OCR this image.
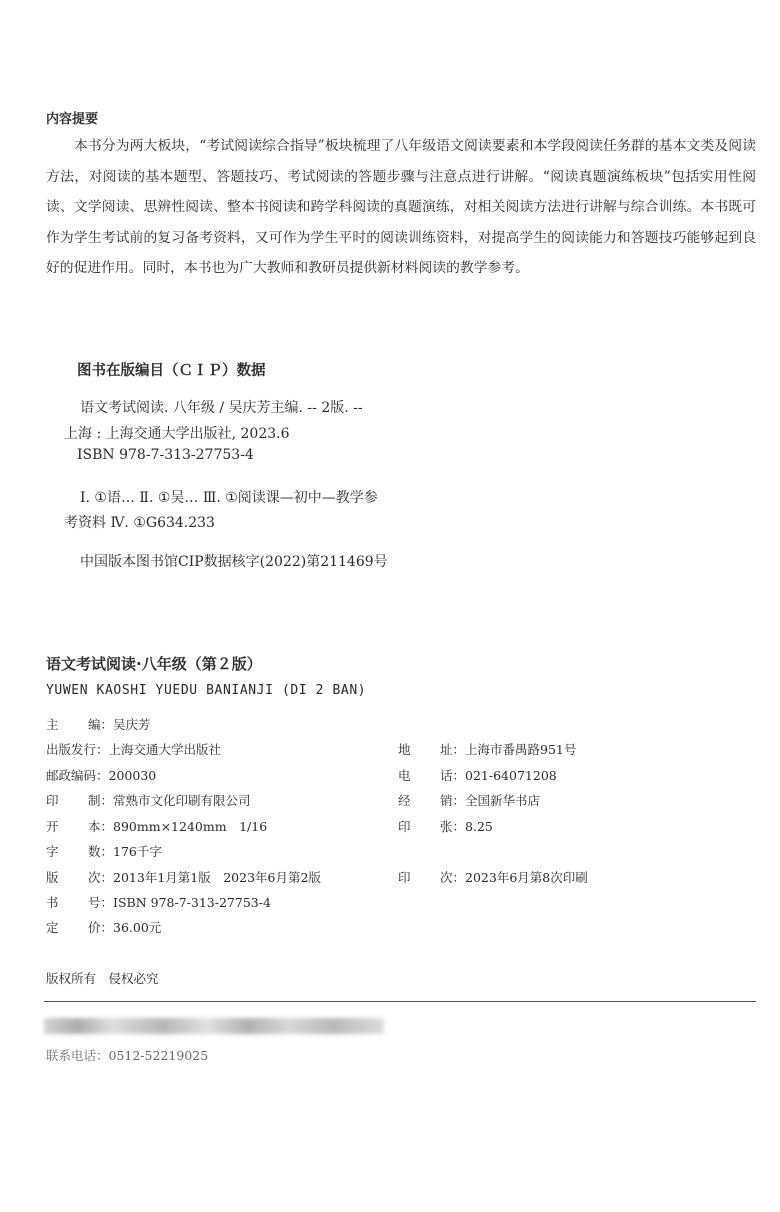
内容提要
本书分为两大板块，“考试阅读综合指导”板块梳理了八年级语文阅读要素和本学段阅读任务群的基本文类及阅读方法，对阅读的基本题型、答题技巧、考试阅读的答题步骤与注意点进行讲解。“阅读真题演练板块”包括实用性阅读、文学阅读、思辨性阅读、整本书阅读和跨学科阅读的真题演练，对相关阅读方法进行讲解与综合训练。本书既可作为学生考试前的复习备考资料，又可作为学生平时的阅读训练资料，对提高学生的阅读能力和答题技巧能够起到良好的促进作用。同时，本书也为广大教师和教研员提供新材料阅读的教学参考。
图书在版编目（ＣＩＰ）数据
语文考试阅读. 八年级 / 吴庆芳主编. -- 2版. --
上海 : 上海交通大学出版社, 2023.6
ISBN 978-7-313-27753-4
Ⅰ. ①语… Ⅱ. ①吴… Ⅲ. ①阅读课—初中—教学参
考资料 Ⅳ. ①G634.233
中国版本图书馆CIP数据核字(2022)第211469号
语文考试阅读·八年级（第２版）
YUWEN KAOSHI YUEDU BANIANJI (DI 2 BAN)
主 编：吴庆芳
出版发行：上海交通大学出版社	地 址：上海市番禺路951号
邮政编码：200030	电 话：021-64071208
印 制：常熟市文化印刷有限公司	经 销：全国新华书店
开 本：890mm×1240mm　1/16	印 张：8.25
字 数：176千字
版 次：2013年1月第1版　2023年6月第2版	印 次：2023年6月第8次印刷
书 号：ISBN 978-7-313-27753-4
定 价：36.00元
版权所有　侵权必究
联系电话：0512-52219025
